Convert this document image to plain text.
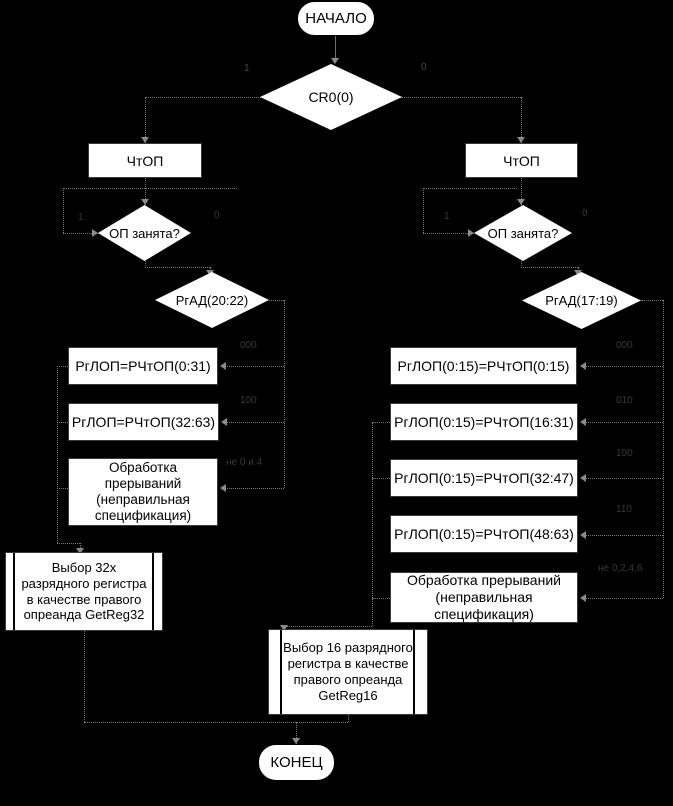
НАЧАЛО
CR0(0)
ЧтОП	ЧтОП
ОП занята?	ОП занята?
РгАД(20:22)	РгАД(17:19)
РгЛОП=РЧтОП(0:31)
РгЛОП=РЧтОП(32:63)
Обработка прерываний (неправильная спецификация)
Выбор 32х разрядного регистра в качестве правого опреанда GetReg32
РгЛОП(0:15)=РЧтОП(0:15)
РгЛОП(0:15)=РЧтОП(16:31)
РгЛОП(0:15)=РЧтОП(32:47)
РгЛОП(0:15)=РЧтОП(48:63)
Обработка прерываний (неправильная спецификация)
Выбор 16 разрядного регистра в качестве правого опреанда GetReg16
КОНЕЦ
1	0
1	0	1	0
000
100
не 0 и 4
000
010
100
110
не 0,2,4,6
